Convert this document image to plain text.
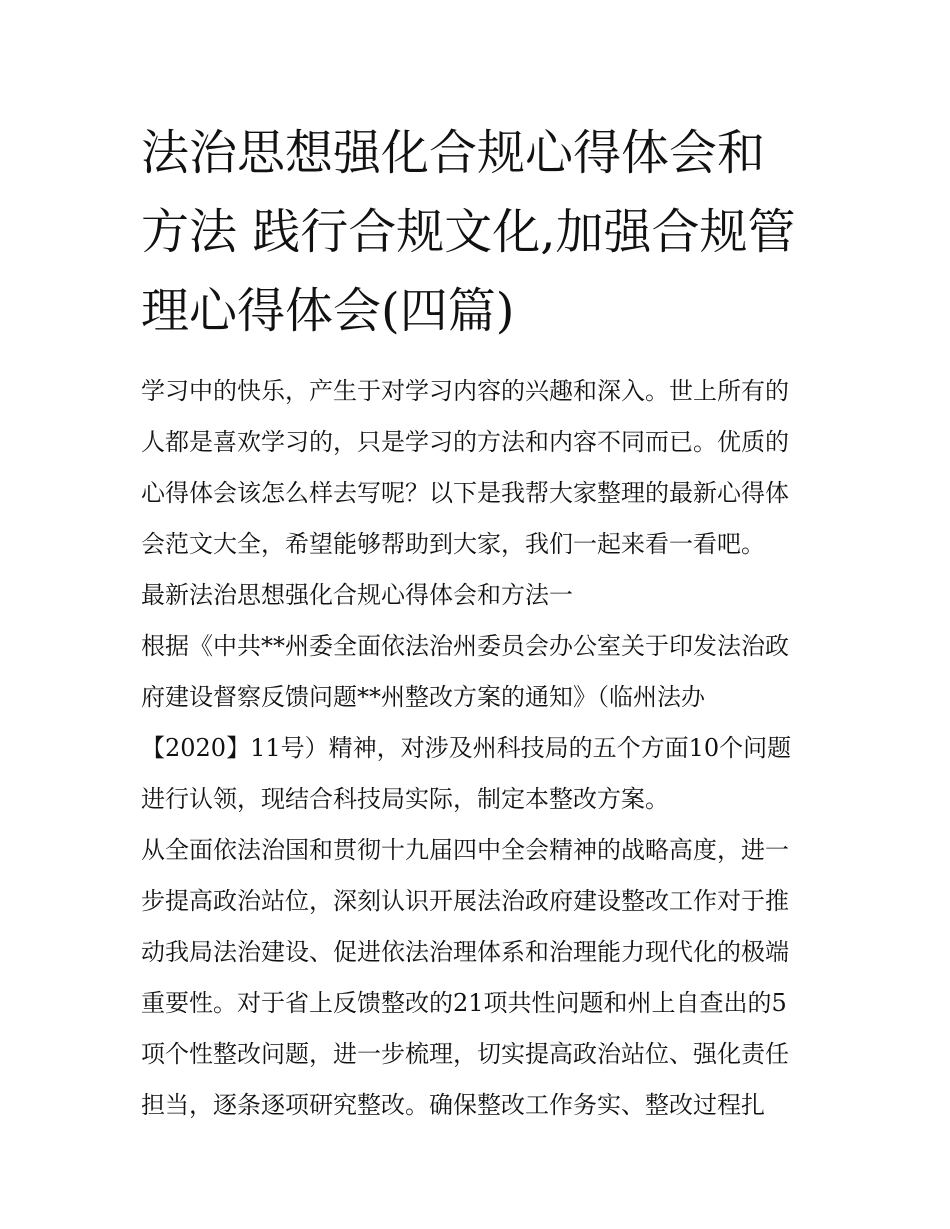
法治思想强化合规心得体会和
方法 践行合规文化,加强合规管
理心得体会(四篇)
学习中的快乐，产生于对学习内容的兴趣和深入。世上所有的
人都是喜欢学习的，只是学习的方法和内容不同而已。优质的
心得体会该怎么样去写呢？以下是我帮大家整理的最新心得体
会范文大全，希望能够帮助到大家，我们一起来看一看吧。
最新法治思想强化合规心得体会和方法一
根据《中共**州委全面依法治州委员会办公室关于印发法治政
府建设督察反馈问题**州整改方案的通知》（临州法办
【2020】11号）精神，对涉及州科技局的五个方面10个问题
进行认领，现结合科技局实际，制定本整改方案。
从全面依法治国和贯彻十九届四中全会精神的战略高度，进一
步提高政治站位，深刻认识开展法治政府建设整改工作对于推
动我局法治建设、促进依法治理体系和治理能力现代化的极端
重要性。对于省上反馈整改的21项共性问题和州上自查出的5
项个性整改问题，进一步梳理，切实提高政治站位、强化责任
担当，逐条逐项研究整改。确保整改工作务实、整改过程扎
